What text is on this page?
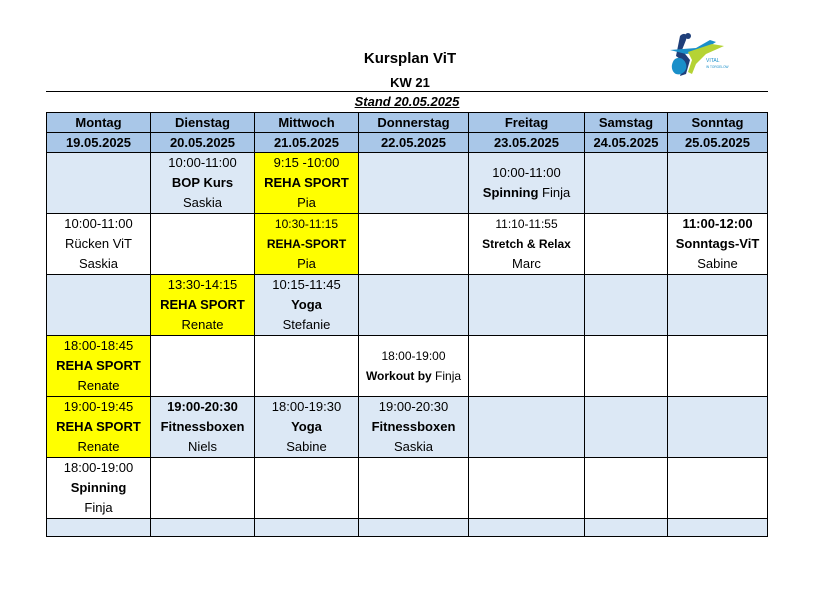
Kursplan ViT
KW 21
VITAL
IN TORGELOW
Stand 20.05.2025
Montag	Dienstag	Mittwoch	Donnerstag	Freitag	Samstag	Sonntag
19.05.2025	20.05.2025	21.05.2025	22.05.2025	23.05.2025	24.05.2025	25.05.2025

	10:00-11:00
BOP Kurs
Saskia	9:15 -10:00
REHA SPORT
Pia		10:00-11:00
Spinning Finja		

10:00-11:00
Rücken ViT
Saskia		10:30-11:15
REHA-SPORT
Pia		11:10-11:55
Stretch & Relax
Marc		11:00-12:00
Sonntags-ViT
Sabine

	13:30-14:15
REHA SPORT
Renate	10:15-11:45
Yoga
Stefanie				

18:00-18:45
REHA SPORT
Renate			18:00-19:00
Workout by Finja			

19:00-19:45
REHA SPORT
Renate	19:00-20:30
Fitnessboxen
Niels	18:00-19:30
Yoga
Sabine	19:00-20:30
Fitnessboxen
Saskia			

18:00-19:00
Spinning
Finja						
